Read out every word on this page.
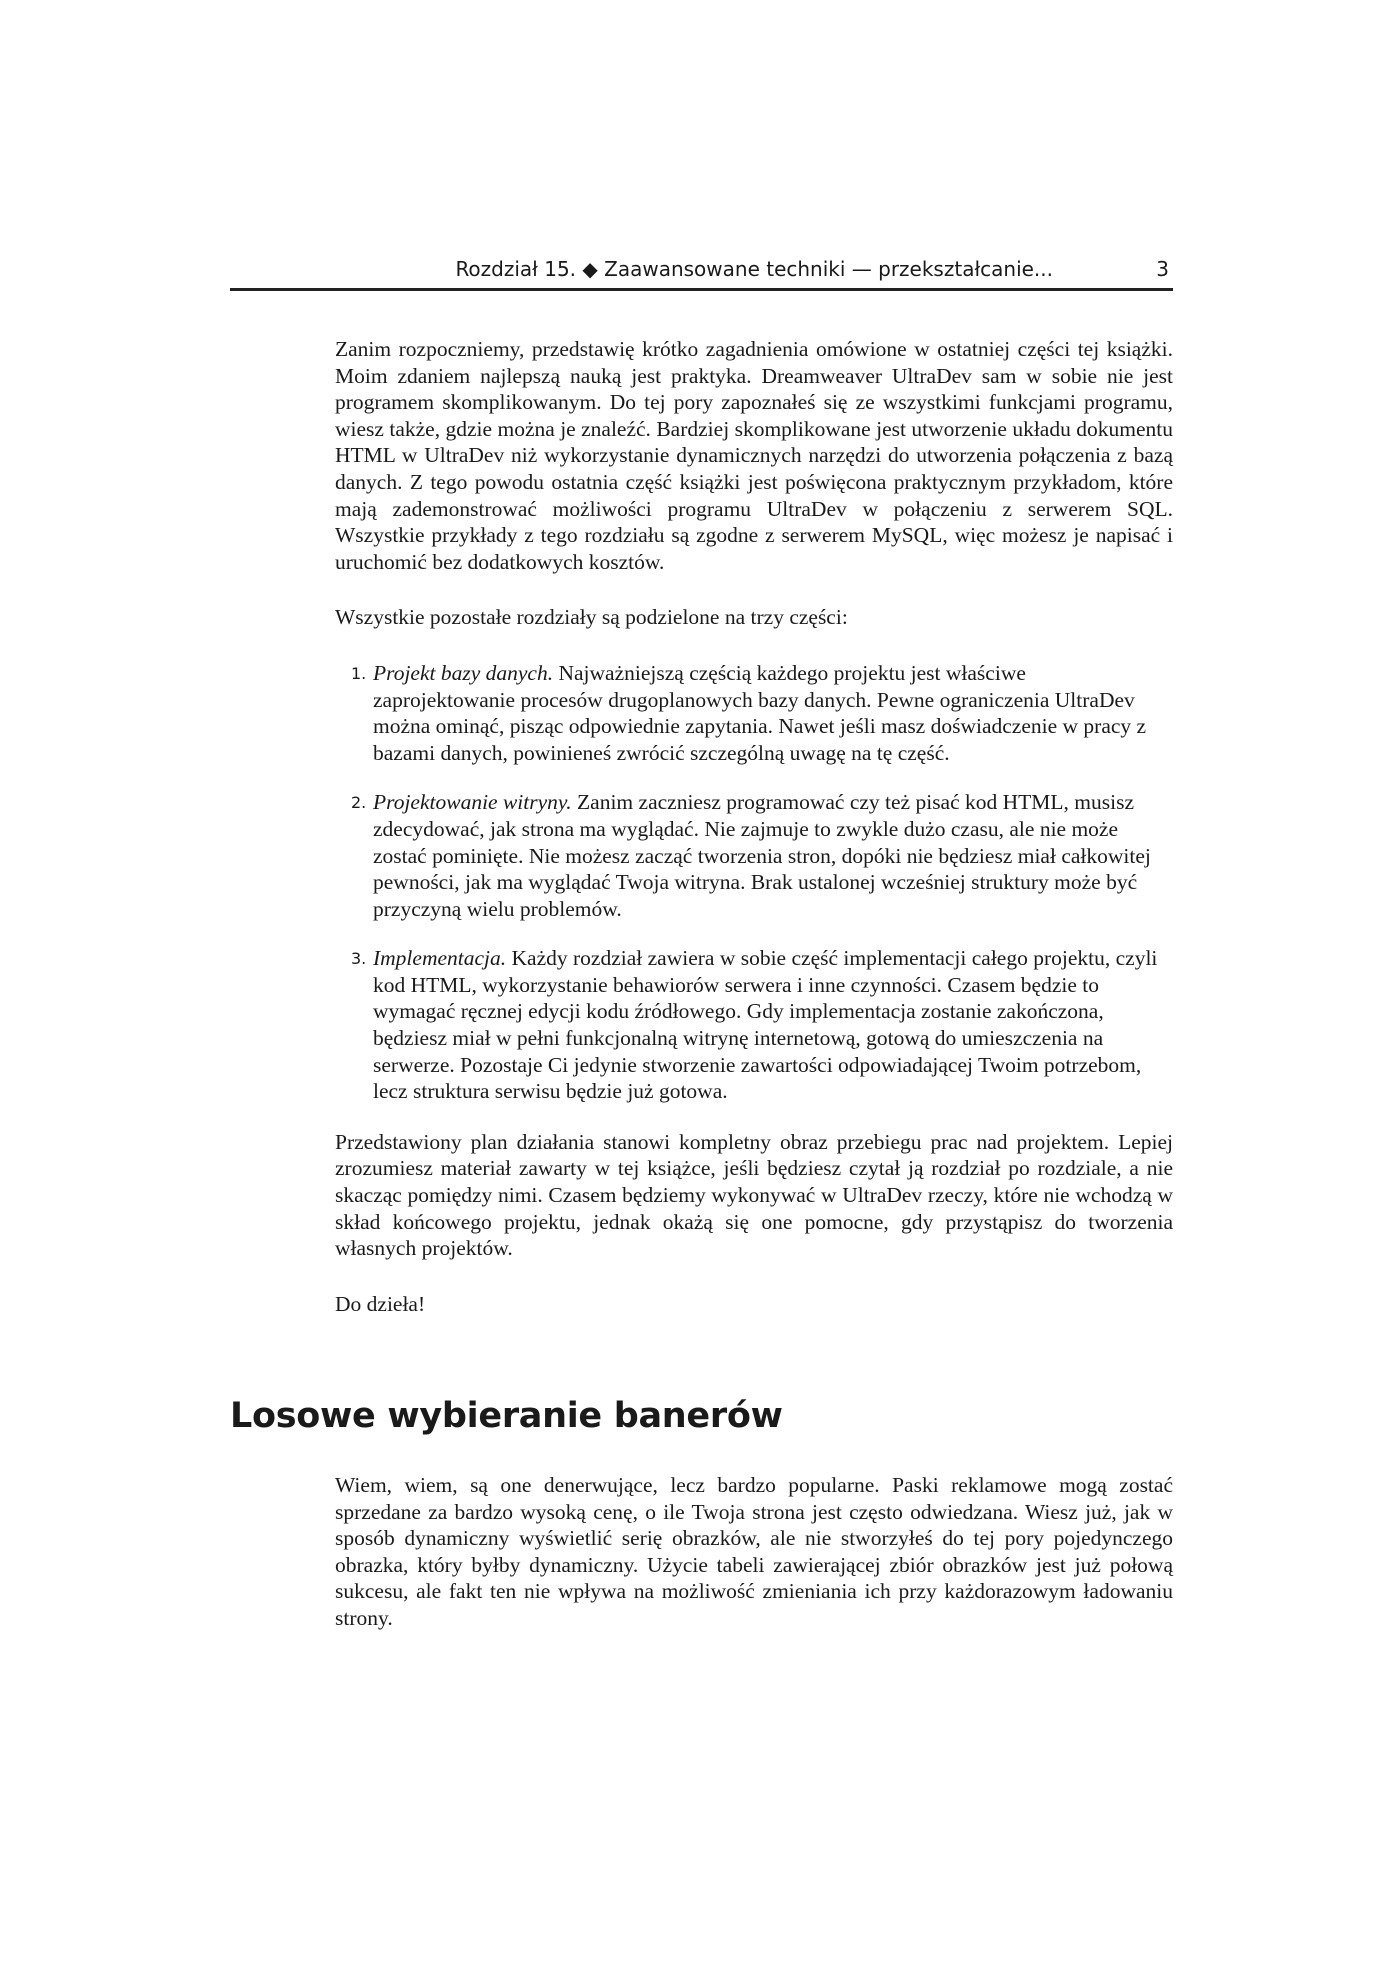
Rozdział 15. ◆ Zaawansowane techniki — przekształcanie...	3

Zanim rozpoczniemy, przedstawię krótko zagadnienia omówione w ostatniej części tej książki. Moim zdaniem najlepszą nauką jest praktyka. Dreamweaver UltraDev sam w sobie nie jest programem skomplikowanym. Do tej pory zapoznałeś się ze wszystkimi funkcjami programu, wiesz także, gdzie można je znaleźć. Bardziej skomplikowane jest utworzenie układu dokumentu HTML w UltraDev niż wykorzystanie dynamicznych narzędzi do utworzenia połączenia z bazą danych. Z tego powodu ostatnia część książki jest poświęcona praktycznym przykładom, które mają zademonstrować możliwości programu UltraDev w połączeniu z serwerem SQL. Wszystkie przykłady z tego rozdziału są zgodne z serwerem MySQL, więc możesz je napisać i uruchomić bez dodatkowych kosztów.

Wszystkie pozostałe rozdziały są podzielone na trzy części:

1. Projekt bazy danych. Najważniejszą częścią każdego projektu jest właściwe zaprojektowanie procesów drugoplanowych bazy danych. Pewne ograniczenia UltraDev można ominąć, pisząc odpowiednie zapytania. Nawet jeśli masz doświadczenie w pracy z bazami danych, powinieneś zwrócić szczególną uwagę na tę część.
2. Projektowanie witryny. Zanim zaczniesz programować czy też pisać kod HTML, musisz zdecydować, jak strona ma wyglądać. Nie zajmuje to zwykle dużo czasu, ale nie może zostać pominięte. Nie możesz zacząć tworzenia stron, dopóki nie będziesz miał całkowitej pewności, jak ma wyglądać Twoja witryna. Brak ustalonej wcześniej struktury może być przyczyną wielu problemów.
3. Implementacja. Każdy rozdział zawiera w sobie część implementacji całego projektu, czyli kod HTML, wykorzystanie behawiorów serwera i inne czynności. Czasem będzie to wymagać ręcznej edycji kodu źródłowego. Gdy implementacja zostanie zakończona, będziesz miał w pełni funkcjonalną witrynę internetową, gotową do umieszczenia na serwerze. Pozostaje Ci jedynie stworzenie zawartości odpowiadającej Twoim potrzebom, lecz struktura serwisu będzie już gotowa.

Przedstawiony plan działania stanowi kompletny obraz przebiegu prac nad projektem. Lepiej zrozumiesz materiał zawarty w tej książce, jeśli będziesz czytał ją rozdział po rozdziale, a nie skacząc pomiędzy nimi. Czasem będziemy wykonywać w UltraDev rzeczy, które nie wchodzą w skład końcowego projektu, jednak okażą się one pomocne, gdy przystąpisz do tworzenia własnych projektów.

Do dzieła!

Losowe wybieranie banerów

Wiem, wiem, są one denerwujące, lecz bardzo popularne. Paski reklamowe mogą zostać sprzedane za bardzo wysoką cenę, o ile Twoja strona jest często odwiedzana. Wiesz już, jak w sposób dynamiczny wyświetlić serię obrazków, ale nie stworzyłeś do tej pory pojedynczego obrazka, który byłby dynamiczny. Użycie tabeli zawierającej zbiór obrazków jest już połową sukcesu, ale fakt ten nie wpływa na możliwość zmieniania ich przy każdorazowym ładowaniu strony.
